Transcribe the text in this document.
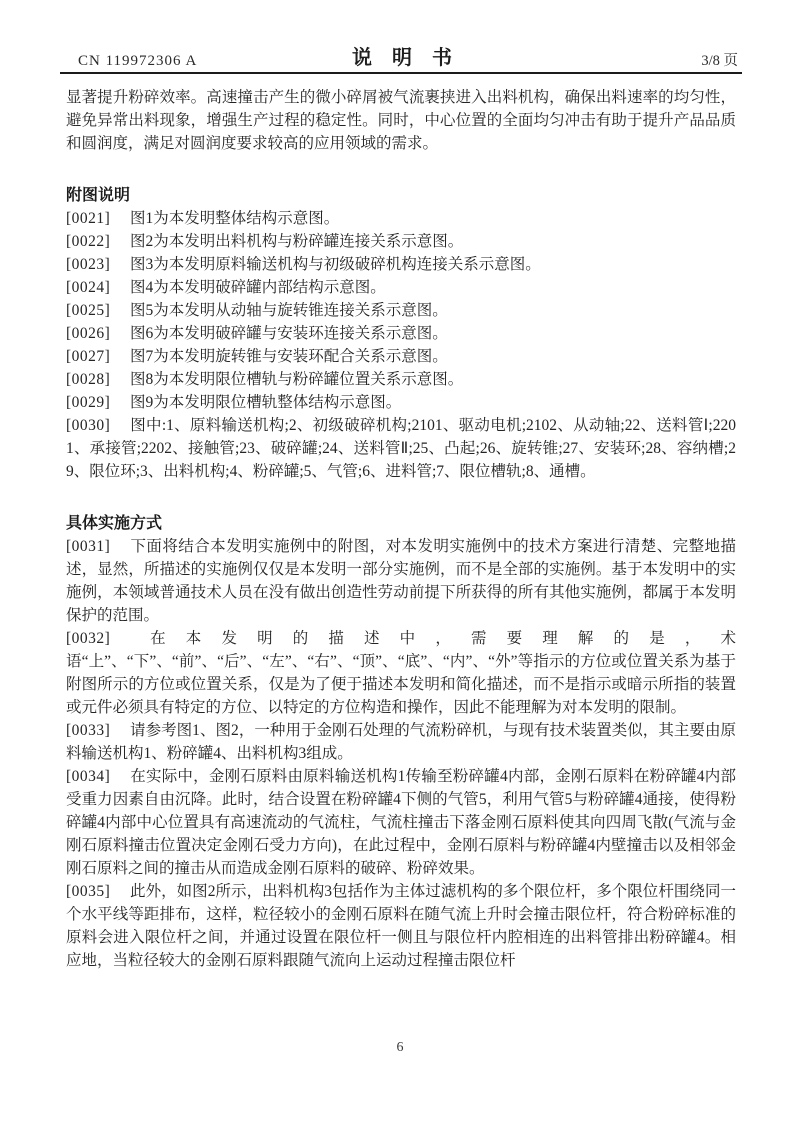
CN 119972306 A	说　明　书	3/8 页

显著提升粉碎效率。高速撞击产生的微小碎屑被气流裹挟进入出料机构，确保出料速率的均匀性，避免异常出料现象，增强生产过程的稳定性。同时，中心位置的全面均匀冲击有助于提升产品品质和圆润度，满足对圆润度要求较高的应用领域的需求。

附图说明

[0021] 图1为本发明整体结构示意图。

[0022] 图2为本发明出料机构与粉碎罐连接关系示意图。

[0023] 图3为本发明原料输送机构与初级破碎机构连接关系示意图。

[0024] 图4为本发明破碎罐内部结构示意图。

[0025] 图5为本发明从动轴与旋转锥连接关系示意图。

[0026] 图6为本发明破碎罐与安装环连接关系示意图。

[0027] 图7为本发明旋转锥与安装环配合关系示意图。

[0028] 图8为本发明限位槽轨与粉碎罐位置关系示意图。

[0029] 图9为本发明限位槽轨整体结构示意图。

[0030] 图中:1、原料输送机构;2、初级破碎机构;2101、驱动电机;2102、从动轴;22、送料管Ⅰ;2201、承接管;2202、接触管;23、破碎罐;24、送料管Ⅱ;25、凸起;26、旋转锥;27、安装环;28、容纳槽;29、限位环;3、出料机构;4、粉碎罐;5、气管;6、进料管;7、限位槽轨;8、通槽。

具体实施方式

[0031] 下面将结合本发明实施例中的附图，对本发明实施例中的技术方案进行清楚、完整地描述，显然，所描述的实施例仅仅是本发明一部分实施例，而不是全部的实施例。基于本发明中的实施例，本领域普通技术人员在没有做出创造性劳动前提下所获得的所有其他实施例，都属于本发明保护的范围。

[0032] 在本发明的描述中，需要理解的是，术语“上”、“下”、“前”、“后”、“左”、“右”、“顶”、“底”、“内”、“外”等指示的方位或位置关系为基于附图所示的方位或位置关系，仅是为了便于描述本发明和简化描述，而不是指示或暗示所指的装置或元件必须具有特定的方位、以特定的方位构造和操作，因此不能理解为对本发明的限制。

[0033] 请参考图1、图2，一种用于金刚石处理的气流粉碎机，与现有技术装置类似，其主要由原料输送机构1、粉碎罐4、出料机构3组成。

[0034] 在实际中，金刚石原料由原料输送机构1传输至粉碎罐4内部，金刚石原料在粉碎罐4内部受重力因素自由沉降。此时，结合设置在粉碎罐4下侧的气管5，利用气管5与粉碎罐4通接，使得粉碎罐4内部中心位置具有高速流动的气流柱，气流柱撞击下落金刚石原料使其向四周飞散(气流与金刚石原料撞击位置决定金刚石受力方向)，在此过程中，金刚石原料与粉碎罐4内壁撞击以及相邻金刚石原料之间的撞击从而造成金刚石原料的破碎、粉碎效果。

[0035] 此外，如图2所示，出料机构3包括作为主体过滤机构的多个限位杆，多个限位杆围绕同一个水平线等距排布，这样，粒径较小的金刚石原料在随气流上升时会撞击限位杆，符合粉碎标准的原料会进入限位杆之间，并通过设置在限位杆一侧且与限位杆内腔相连的出料管排出粉碎罐4。相应地，当粒径较大的金刚石原料跟随气流向上运动过程撞击限位杆

6
